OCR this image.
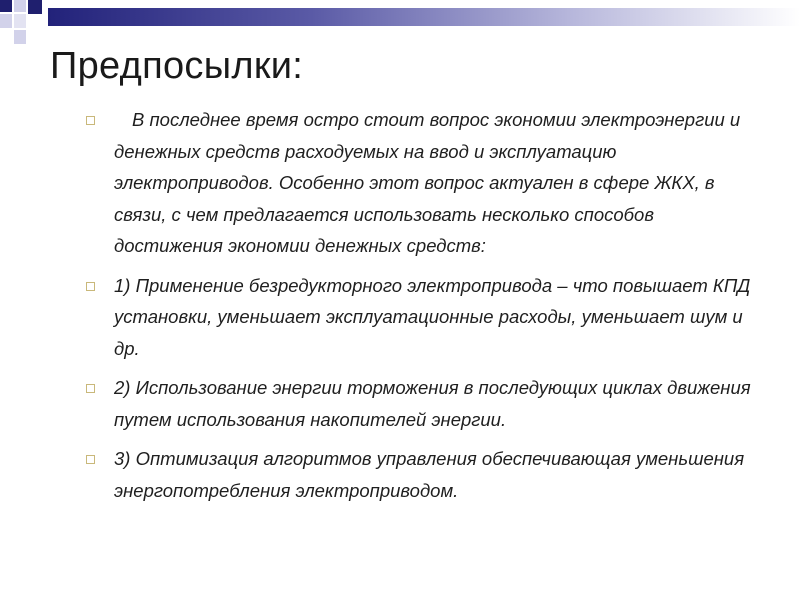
Предпосылки:
В последнее время остро стоит вопрос экономии электроэнергии и денежных средств расходуемых на ввод и эксплуатацию электроприводов. Особенно этот вопрос актуален в сфере ЖКХ, в связи, с чем предлагается использовать несколько способов достижения экономии денежных средств:
1) Применение безредукторного электропривода – что повышает КПД установки, уменьшает эксплуатационные расходы, уменьшает шум и др.
2) Использование энергии торможения в последующих циклах движения путем использования накопителей энергии.
3) Оптимизация алгоритмов управления обеспечивающая уменьшения энергопотребления электроприводом.
